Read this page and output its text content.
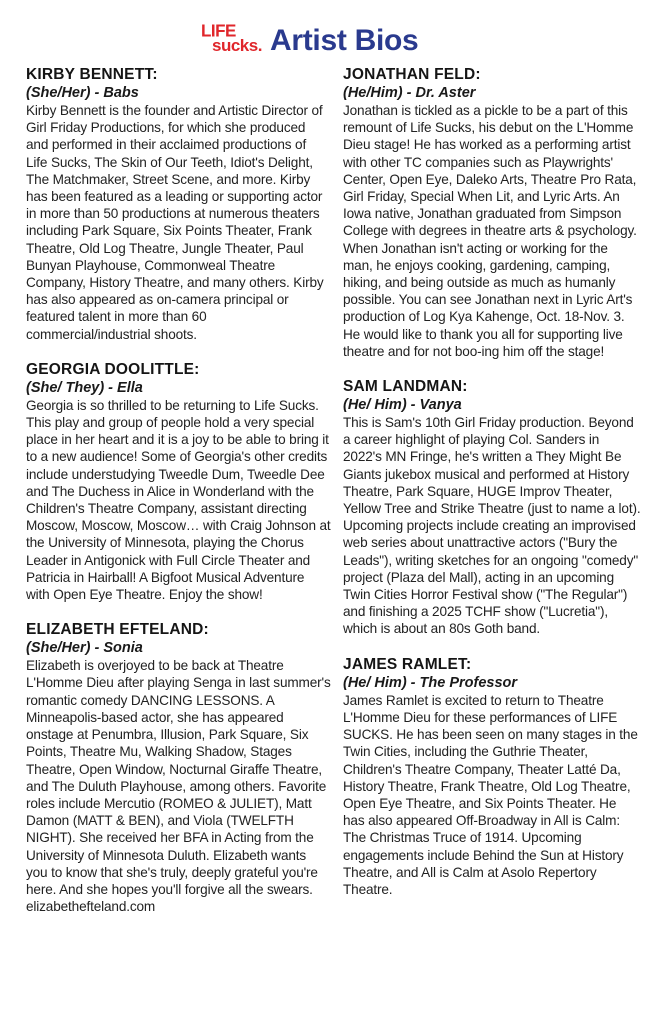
LIFE
sucks. Artist Bios
KIRBY BENNETT:
(She/Her) - Babs

Kirby Bennett is the founder and Artistic Director of Girl Friday Productions, for which she produced and performed in their acclaimed productions of Life Sucks, The Skin of Our Teeth, Idiot's Delight, The Matchmaker, Street Scene, and more. Kirby has been featured as a leading or supporting actor in more than 50 productions at numerous theaters including Park Square, Six Points Theater, Frank Theatre, Old Log Theatre, Jungle Theater, Paul Bunyan Playhouse, Commonweal Theatre Company, History Theatre, and many others. Kirby has also appeared as on-camera principal or featured talent in more than 60 commercial/industrial shoots.

GEORGIA DOOLITTLE:
(She/ They) - Ella

Georgia is so thrilled to be returning to Life Sucks. This play and group of people hold a very special place in her heart and it is a joy to be able to bring it to a new audience! Some of Georgia's other credits include understudying Tweedle Dum, Tweedle Dee and The Duchess in Alice in Wonderland with the Children's Theatre Company, assistant directing Moscow, Moscow, Moscow… with Craig Johnson at the University of Minnesota, playing the Chorus Leader in Antigonick with Full Circle Theater and Patricia in Hairball! A Bigfoot Musical Adventure with Open Eye Theatre. Enjoy the show!

ELIZABETH EFTELAND:
(She/Her) - Sonia

Elizabeth is overjoyed to be back at Theatre L'Homme Dieu after playing Senga in last summer's romantic comedy DANCING LESSONS. A Minneapolis-based actor, she has appeared onstage at Penumbra, Illusion, Park Square, Six Points, Theatre Mu, Walking Shadow, Stages Theatre, Open Window, Nocturnal Giraffe Theatre, and The Duluth Playhouse, among others. Favorite roles include Mercutio (ROMEO & JULIET), Matt Damon (MATT & BEN), and Viola (TWELFTH NIGHT). She received her BFA in Acting from the University of Minnesota Duluth. Elizabeth wants you to know that she's truly, deeply grateful you're here. And she hopes you'll forgive all the swears. elizabethefteland.com

JONATHAN FELD:
(He/Him) - Dr. Aster

Jonathan is tickled as a pickle to be a part of this remount of Life Sucks, his debut on the L'Homme Dieu stage! He has worked as a performing artist with other TC companies such as Playwrights' Center, Open Eye, Daleko Arts, Theatre Pro Rata, Girl Friday, Special When Lit, and Lyric Arts. An Iowa native, Jonathan graduated from Simpson College with degrees in theatre arts & psychology. When Jonathan isn't acting or working for the man, he enjoys cooking, gardening, camping, hiking, and being outside as much as humanly possible. You can see Jonathan next in Lyric Art's production of Log Kya Kahenge, Oct. 18-Nov. 3. He would like to thank you all for supporting live theatre and for not boo-ing him off the stage!

SAM LANDMAN:
(He/ Him) - Vanya

This is Sam's 10th Girl Friday production. Beyond a career highlight of playing Col. Sanders in 2022's MN Fringe, he's written a They Might Be Giants jukebox musical and performed at History Theatre, Park Square, HUGE Improv Theater, Yellow Tree and Strike Theatre (just to name a lot). Upcoming projects include creating an improvised web series about unattractive actors ("Bury the Leads"), writing sketches for an ongoing "comedy" project (Plaza del Mall), acting in an upcoming Twin Cities Horror Festival show ("The Regular") and finishing a 2025 TCHF show ("Lucretia"), which is about an 80s Goth band.

JAMES RAMLET:
(He/ Him) - The Professor

James Ramlet is excited to return to Theatre L'Homme Dieu for these performances of LIFE SUCKS. He has been seen on many stages in the Twin Cities, including the Guthrie Theater, Children's Theatre Company, Theater Latté Da, History Theatre, Frank Theatre, Old Log Theatre, Open Eye Theatre, and Six Points Theater. He has also appeared Off-Broadway in All is Calm: The Christmas Truce of 1914. Upcoming engagements include Behind the Sun at History Theatre, and All is Calm at Asolo Repertory Theatre.
